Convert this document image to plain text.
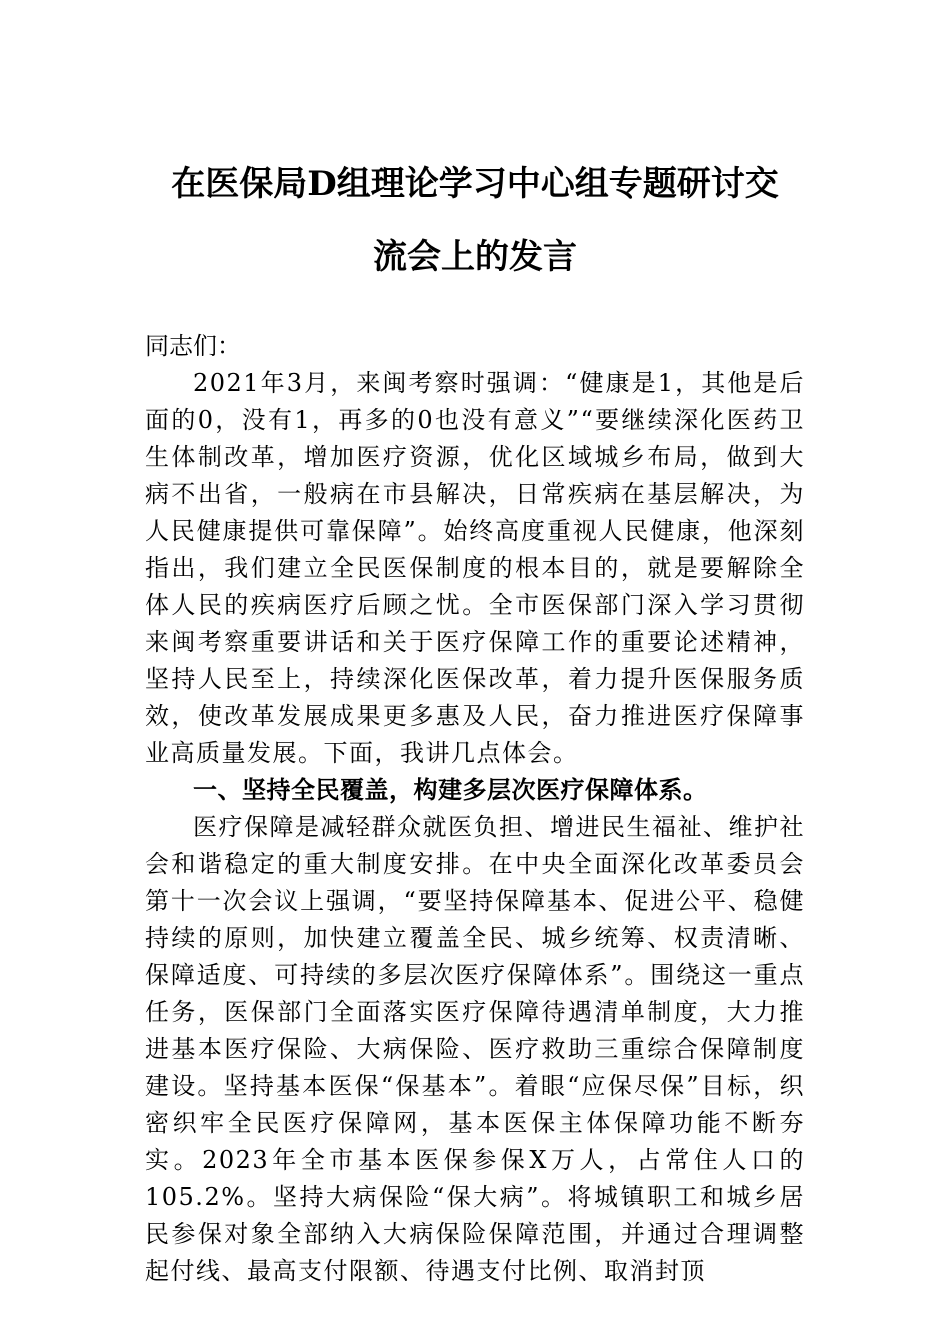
在医保局D组理论学习中心组专题研讨交
流会上的发言

同志们：

2021年3月，来闽考察时强调：“健康是1，其他是后面的0，没有1，再多的0也没有意义”“要继续深化医药卫生体制改革，增加医疗资源，优化区域城乡布局，做到大病不出省，一般病在市县解决，日常疾病在基层解决，为人民健康提供可靠保障”。始终高度重视人民健康，他深刻指出，我们建立全民医保制度的根本目的，就是要解除全体人民的疾病医疗后顾之忧。全市医保部门深入学习贯彻来闽考察重要讲话和关于医疗保障工作的重要论述精神，坚持人民至上，持续深化医保改革，着力提升医保服务质效，使改革发展成果更多惠及人民，奋力推进医疗保障事业高质量发展。下面，我讲几点体会。

一、坚持全民覆盖，构建多层次医疗保障体系。

医疗保障是减轻群众就医负担、增进民生福祉、维护社会和谐稳定的重大制度安排。在中央全面深化改革委员会第十一次会议上强调，“要坚持保障基本、促进公平、稳健持续的原则，加快建立覆盖全民、城乡统筹、权责清晰、保障适度、可持续的多层次医疗保障体系”。围绕这一重点任务，医保部门全面落实医疗保障待遇清单制度，大力推进基本医疗保险、大病保险、医疗救助三重综合保障制度建设。坚持基本医保“保基本”。着眼“应保尽保”目标，织密织牢全民医疗保障网，基本医保主体保障功能不断夯实。2023年全市基本医保参保X万人，占常住人口的105.2%。坚持大病保险“保大病”。将城镇职工和城乡居民参保对象全部纳入大病保险保障范围，并通过合理调整起付线、最高支付限额、待遇支付比例、取消封顶
